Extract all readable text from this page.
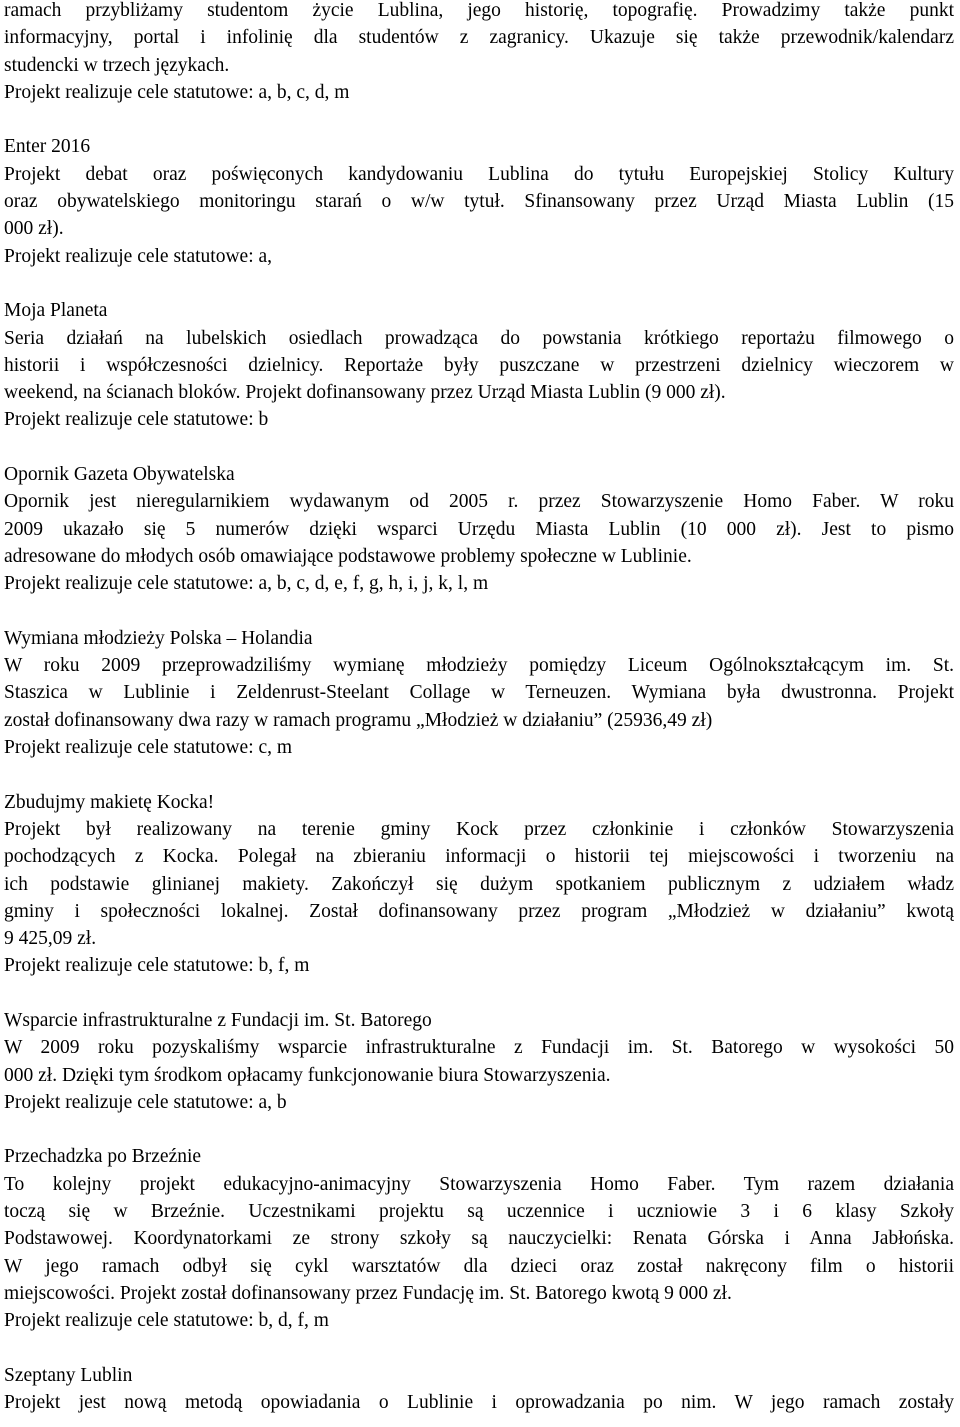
ramach przybliżamy studentom życie Lublina, jego historię, topografię. Prowadzimy także punkt
informacyjny, portal i infolinię dla studentów z zagranicy. Ukazuje się także przewodnik/kalendarz
studencki w trzech językach.
Projekt realizuje cele statutowe: a, b, c, d, m
Enter 2016
Projekt debat oraz poświęconych kandydowaniu Lublina do tytułu Europejskiej Stolicy Kultury
oraz obywatelskiego monitoringu starań o w/w tytuł. Sfinansowany przez Urząd Miasta Lublin (15
000 zł).
Projekt realizuje cele statutowe: a,
Moja Planeta
Seria działań na lubelskich osiedlach prowadząca do powstania krótkiego reportażu filmowego o
historii i współczesności dzielnicy. Reportaże były puszczane w przestrzeni dzielnicy wieczorem w
weekend, na ścianach bloków. Projekt dofinansowany przez Urząd Miasta Lublin (9 000 zł).
Projekt realizuje cele statutowe: b
Opornik Gazeta Obywatelska
Opornik jest nieregularnikiem wydawanym od 2005 r. przez Stowarzyszenie Homo Faber. W roku
2009 ukazało się 5 numerów dzięki wsparci Urzędu Miasta Lublin (10 000 zł). Jest to pismo
adresowane do młodych osób omawiające podstawowe problemy społeczne w Lublinie.
Projekt realizuje cele statutowe: a, b, c, d, e, f, g, h, i, j, k, l, m
Wymiana młodzieży Polska – Holandia
W roku 2009 przeprowadziliśmy wymianę młodzieży pomiędzy Liceum Ogólnokształcącym im. St.
Staszica w Lublinie i Zeldenrust-Steelant Collage w Terneuzen. Wymiana była dwustronna. Projekt
został dofinansowany dwa razy w ramach programu „Młodzież w działaniu” (25936,49 zł)
Projekt realizuje cele statutowe: c, m
Zbudujmy makietę Kocka!
Projekt był realizowany na terenie gminy Kock przez członkinie i członków Stowarzyszenia
pochodzących z Kocka. Polegał na zbieraniu informacji o historii tej miejscowości i tworzeniu na
ich podstawie glinianej makiety. Zakończył się dużym spotkaniem publicznym z udziałem władz
gminy i społeczności lokalnej. Został dofinansowany przez program „Młodzież w działaniu” kwotą
9 425,09 zł.
Projekt realizuje cele statutowe: b, f, m
Wsparcie infrastrukturalne z Fundacji im. St. Batorego
W 2009 roku pozyskaliśmy wsparcie infrastrukturalne z Fundacji im. St. Batorego w wysokości 50
000 zł. Dzięki tym środkom opłacamy funkcjonowanie biura Stowarzyszenia.
Projekt realizuje cele statutowe: a, b
Przechadzka po Brzeźnie
To kolejny projekt edukacyjno-animacyjny Stowarzyszenia Homo Faber. Tym razem działania
toczą się w Brzeźnie. Uczestnikami projektu są uczennice i uczniowie 3 i 6 klasy Szkoły
Podstawowej. Koordynatorkami ze strony szkoły są nauczycielki: Renata Górska i Anna Jabłońska.
W jego ramach odbył się cykl warsztatów dla dzieci oraz został nakręcony film o historii
miejscowości. Projekt został dofinansowany przez Fundację im. St. Batorego kwotą 9 000 zł.
Projekt realizuje cele statutowe: b, d, f, m
Szeptany Lublin
Projekt jest nową metodą opowiadania o Lublinie i oprowadzania po nim. W jego ramach zostały
